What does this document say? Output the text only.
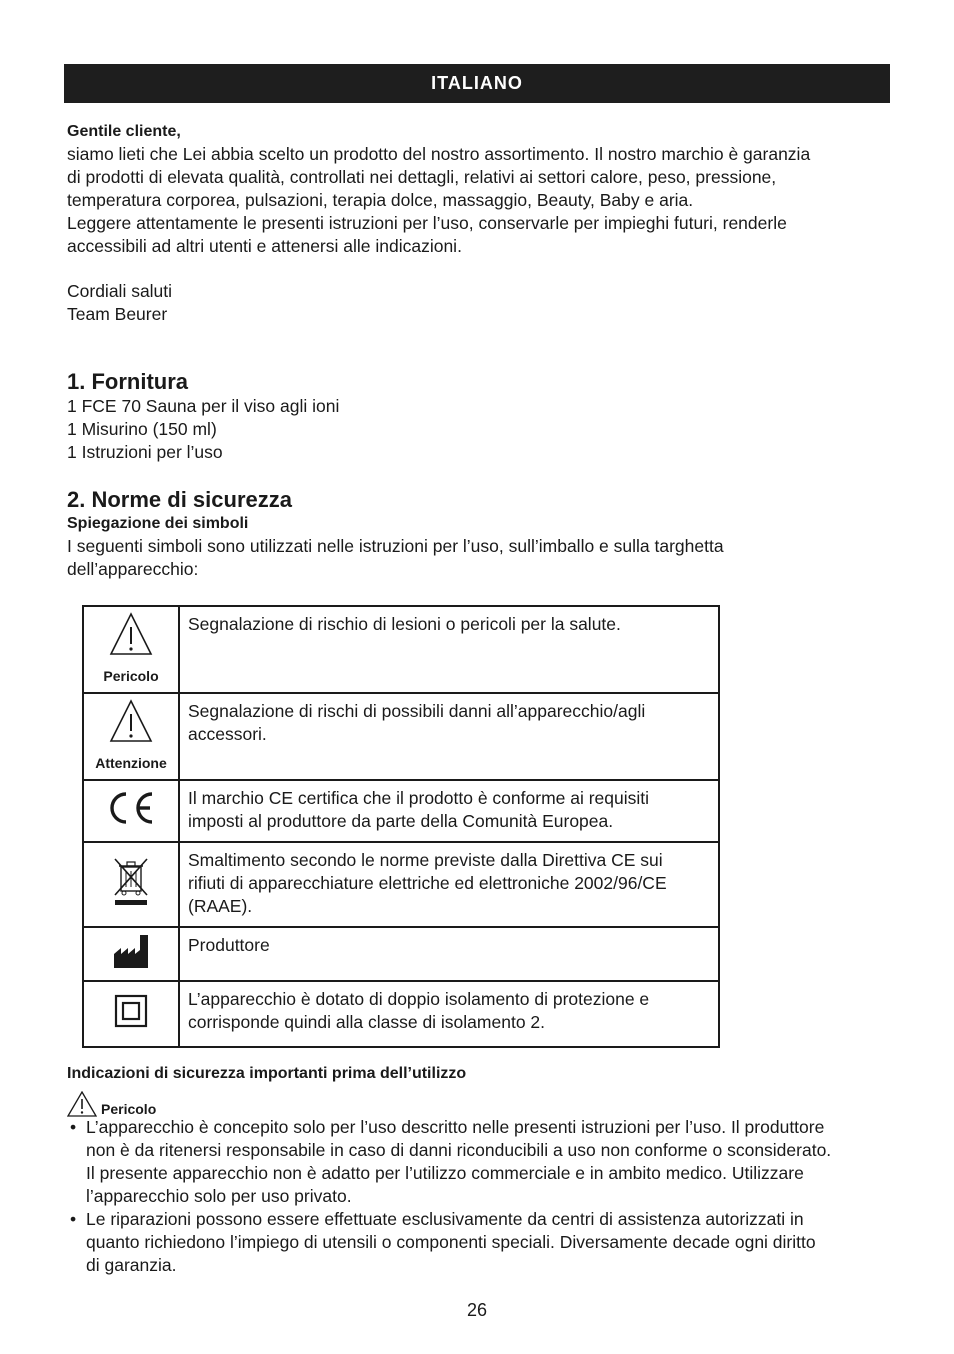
ITALIANO
Gentile cliente,

siamo lieti che Lei abbia scelto un prodotto del nostro assortimento. Il nostro marchio è garanzia

di prodotti di elevata qualità, controllati nei dettagli, relativi ai settori calore, peso, pressione,

temperatura corporea, pulsazioni, terapia dolce, massaggio, Beauty, Baby e aria.

Leggere attentamente le presenti istruzioni per l’uso, conservarle per impieghi futuri, renderle

accessibili ad altri utenti e attenersi alle indicazioni.

Cordiali saluti

Team Beurer

1. Fornitura

1 FCE 70 Sauna per il viso agli ioni

1 Misurino (150 ml)

1 Istruzioni per l’uso

2. Norme di sicurezza
Spiegazione dei simboli

I seguenti simboli sono utilizzati nelle istruzioni per l’uso, sull’imballo e sulla targhetta

dell’apparecchio:

Pericolo	Segnalazione di rischio di lesioni o pericoli per la salute.

Attenzione	Segnalazione di rischi di possibili danni all’apparecchio/agli
accessori.

Il marchio CE certifica che il prodotto è conforme ai requisiti
imposti al produttore da parte della Comunità Europea.

Smaltimento secondo le norme previste dalla Direttiva CE sui
rifiuti di apparecchiature elettriche ed elettroniche 2002/96/CE
(RAAE).

Produttore

L’apparecchio è dotato di doppio isolamento di protezione e
corrisponde quindi alla classe di isolamento 2.
Indicazioni di sicurezza importanti prima dell’utilizzo
Pericolo
• L’apparecchio è concepito solo per l’uso descritto nelle presenti istruzioni per l’uso. Il produttore
non è da ritenersi responsabile in caso di danni riconducibili a uso non conforme o sconsiderato.
Il presente apparecchio non è adatto per l’utilizzo commerciale e in ambito medico. Utilizzare
l’apparecchio solo per uso privato.
• Le riparazioni possono essere effettuate esclusivamente da centri di assistenza autorizzati in
quanto richiedono l’impiego di utensili o componenti speciali. Diversamente decade ogni diritto
di garanzia.
26
